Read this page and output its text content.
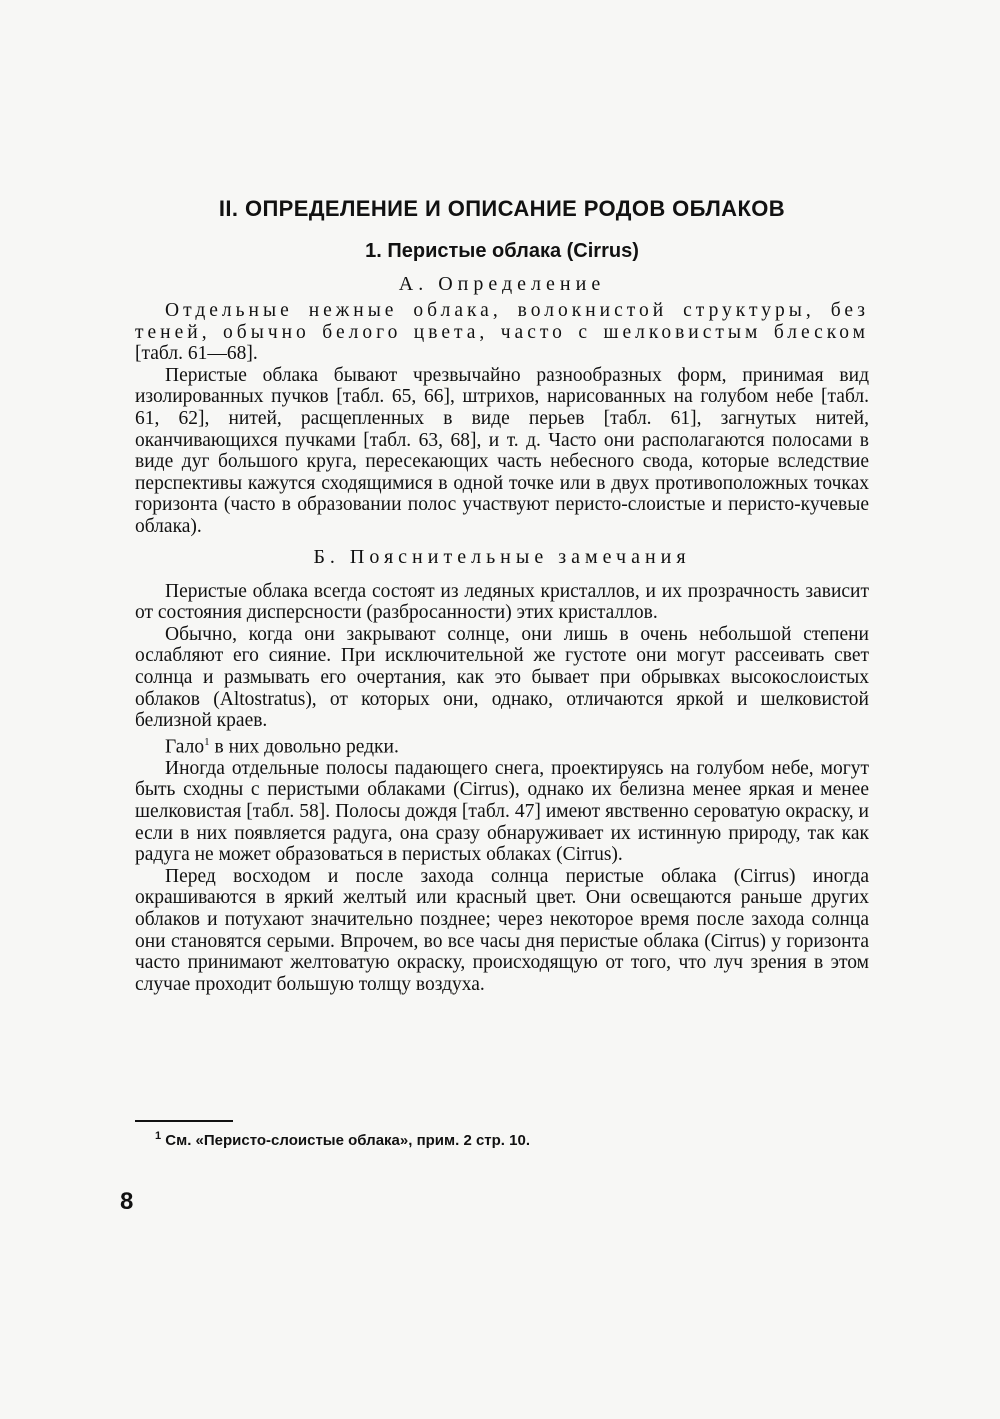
II. ОПРЕДЕЛЕНИЕ И ОПИСАНИЕ РОДОВ ОБЛАКОВ
1. Перистые облака (Cirrus)
А. Определение

Отдельные нежные облака, волокнистой структуры, без теней, обычно белого цвета, часто с шелковистым блеском [табл. 61—68].

Перистые облака бывают чрезвычайно разнообразных форм, принимая вид изолированных пучков [табл. 65, 66], штрихов, нарисованных на голубом небе [табл. 61, 62], нитей, расщепленных в виде перьев [табл. 61], загнутых нитей, оканчивающихся пучками [табл. 63, 68], и т. д. Часто они располагаются полосами в виде дуг большого круга, пересекающих часть небесного свода, которые вследствие перспективы кажутся сходящимися в одной точке или в двух противоположных точках горизонта (часто в образовании полос участвуют перисто-слоистые и перисто-кучевые облака).

Б. Пояснительные замечания

Перистые облака всегда состоят из ледяных кристаллов, и их прозрачность зависит от состояния дисперсности (разбросанности) этих кристаллов.

Обычно, когда они закрывают солнце, они лишь в очень небольшой степени ослабляют его сияние. При исключительной же густоте они могут рассеивать свет солнца и размывать его очертания, как это бывает при обрывках высокослоистых облаков (Altostratus), от которых они, однако, отличаются яркой и шелковистой белизной краев.

Гало$^1$ в них довольно редки.

Иногда отдельные полосы падающего снега, проектируясь на голубом небе, могут быть сходны с перистыми облаками (Cirrus), однако их белизна менее яркая и менее шелковистая [табл. 58]. Полосы дождя [табл. 47] имеют явственно сероватую окраску, и если в них появляется радуга, она сразу обнаруживает их истинную природу, так как радуга не может образоваться в перистых облаках (Cirrus).

Перед восходом и после захода солнца перистые облака (Cirrus) иногда окрашиваются в яркий желтый или красный цвет. Они освещаются раньше других облаков и потухают значительно позднее; через некоторое время после захода солнца они становятся серыми. Впрочем, во все часы дня перистые облака (Cirrus) у горизонта часто принимают желтоватую окраску, происходящую от того, что луч зрения в этом случае проходит большую толщу воздуха.

$^1$ См. «Перисто-слоистые облака», прим. 2 стр. 10.
8
